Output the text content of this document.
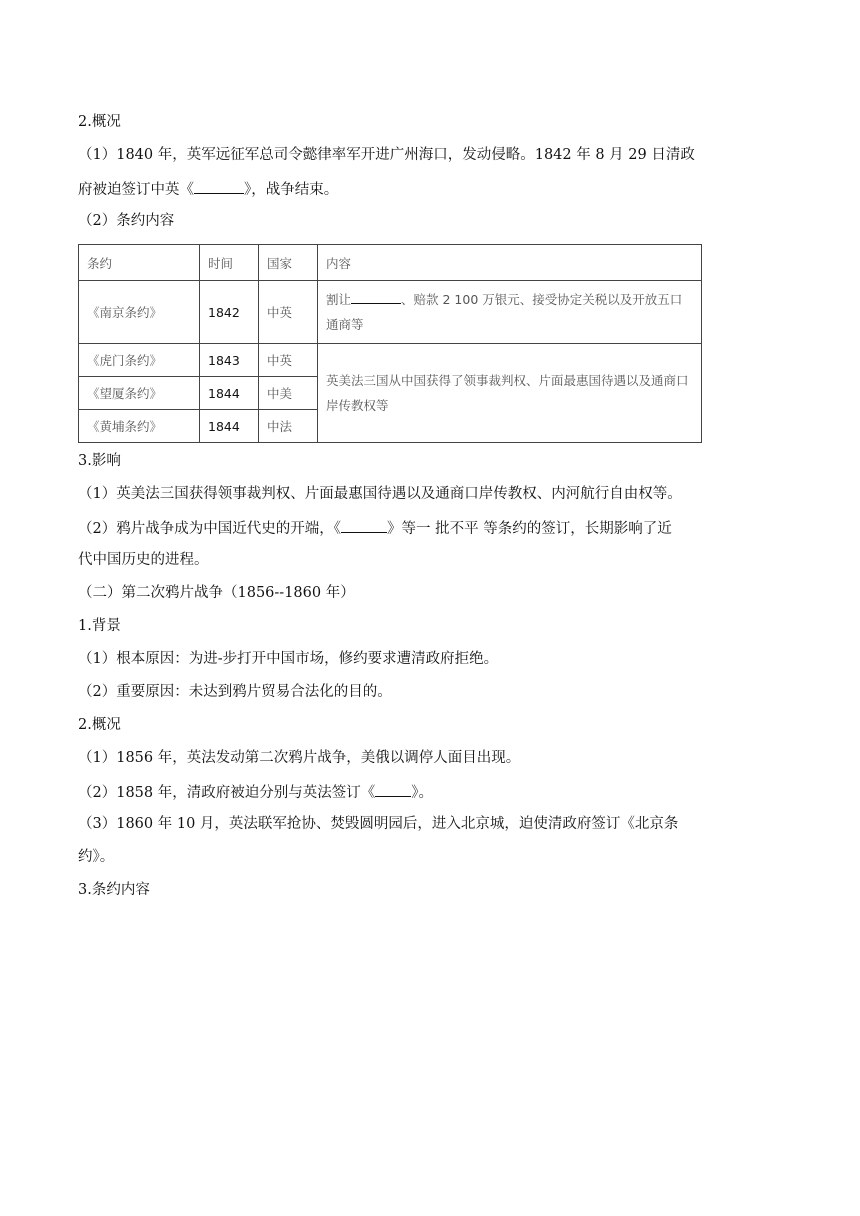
2.概况
（1）1840 年，英军远征军总司令懿律率军开进广州海口，发动侵略。1842 年 8 月 29 日清政
府被迫签订中英《	》，战争结束。
（2）条约内容
条约	时间	国家	内容
《南京条约》	1842	中英	割让 、赔款 2 100 万银元、接受协定关税以及开放五口通商等
《虎门条约》	1843	中英	英美法三国从中国获得了领事裁判权、片面最惠国待遇以及通商口岸传教权等
《望厦条约》	1844	中美	
《黄埔条约》	1844	中法	
3.影响
（1）英美法三国获得领事裁判权、片面最惠国待遇以及通商口岸传教权、内河航行自由权等。
（2）鸦片战争成为中国近代史的开端，《	》等一 批不平 等条约的签订，长期影响了近
代中国历史的进程。
（二）第二次鸦片战争（1856--1860 年）
1.背景
（1）根本原因：为进-步打开中国市场，修约要求遭清政府拒绝。
（2）重要原因：未达到鸦片贸易合法化的目的。
2.概况
（1）1856 年，英法发动第二次鸦片战争，美俄以调停人面目出现。
（2）1858 年，清政府被迫分别与英法签订《 》。
（3）1860 年 10 月，英法联军抢协、焚毁圆明园后，进入北京城，迫使清政府签订《北京条
约》。
3.条约内容
